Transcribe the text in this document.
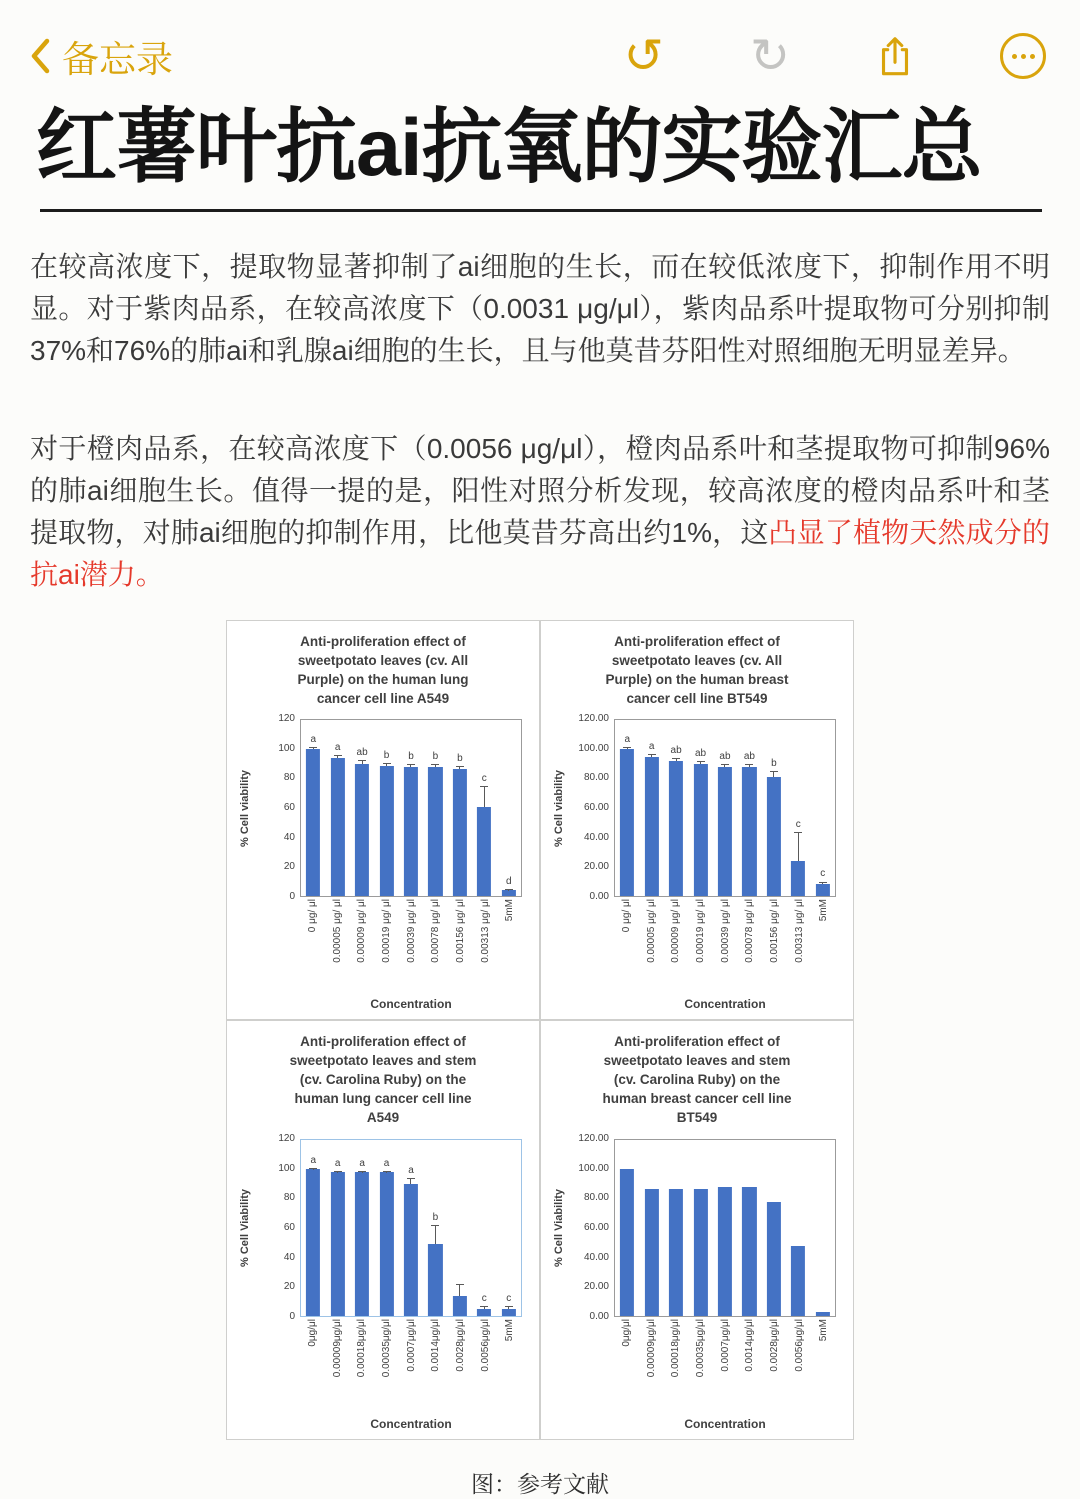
备忘录	↺ ↻
红薯叶抗ai抗氧的实验汇总

在较高浓度下，提取物显著抑制了ai细胞的生长，而在较低浓度下，抑制作用不明显。对于紫肉品系，在较高浓度下（0.0031 μg/μl），紫肉品系叶提取物可分别抑制37%和76%的肺ai和乳腺ai细胞的生长，且与他莫昔芬阳性对照细胞无明显差异。

对于橙肉品系，在较高浓度下（0.0056 μg/μl），橙肉品系叶和茎提取物可抑制96%的肺ai细胞生长。值得一提的是，阳性对照分析发现，较高浓度的橙肉品系叶和茎提取物，对肺ai细胞的抑制作用，比他莫昔芬高出约1%，这凸显了植物天然成分的抗ai潜力。

Anti-proliferation effect of sweetpotato leaves (cv. All Purple) on the human lung cancer cell line A549
% Cell viability
0
20
40
60
80
100
120
a
a	ab	b	b	b	b
c
d
0 μg/ μl 0.00005 μg/ μl 0.00009 μg/ μl 0.00019 μg/ μl 0.00039 μg/ μl 0.00078 μg/ μl 0.00156 μg/ μl 0.00313 μg/ μl 5mM
Concentration
Anti-proliferation effect of sweetpotato leaves (cv. All Purple) on the human breast cancer cell line BT549
% Cell viability
0.00
20.00
40.00
60.00
80.00
100.00
120.00
a
a	ab	ab	ab	ab
b
c
c
0 μg/ μl 0.00005 μg/ μl 0.00009 μg/ μl 0.00019 μg/ μl 0.00039 μg/ μl 0.00078 μg/ μl 0.00156 μg/ μl 0.00313 μg/ μl 5mM
Concentration
Anti-proliferation effect of sweetpotato leaves and stem (cv. Carolina Ruby) on the human lung cancer cell line A549
% Cell Viability
0
20
40
60
80
100
120
a	a	a	a
a
b
c	c
0μg/μl 0.00009μg/μl 0.00018μg/μl 0.00035μg/μl 0.0007μg/μl 0.0014μg/μl 0.0028μg/μl 0.0056μg/μl 5mM
Concentration
Anti-proliferation effect of sweetpotato leaves and stem (cv. Carolina Ruby) on the human breast cancer cell line BT549
% Cell Viability
0.00
20.00
40.00
60.00
80.00
100.00
120.00
0μg/μl 0.00009μg/μl 0.00018μg/μl 0.00035μg/μl 0.0007μg/μl 0.0014μg/μl 0.0028μg/μl 0.0056μg/μl 5mM
Concentration
图：参考文献
